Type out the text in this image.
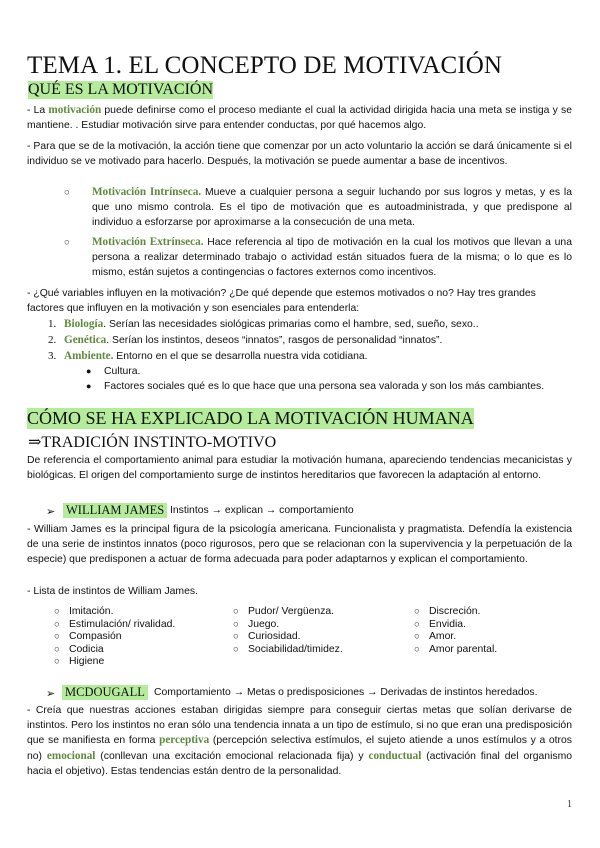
TEMA 1. EL CONCEPTO DE MOTIVACIÓN
QUÉ ES LA MOTIVACIÓN
- La motivación puede definirse como el proceso mediante el cual la actividad dirigida hacia una meta se instiga y se mantiene. . Estudiar motivación sirve para entender conductas, por qué hacemos algo.
- Para que se de la motivación, la acción tiene que comenzar por un acto voluntario la acción se dará únicamente si el individuo se ve motivado para hacerlo. Después, la motivación se puede aumentar a base de incentivos.
○ Motivación Intrínseca. Mueve a cualquier persona a seguir luchando por sus logros y metas, y es la que uno mismo controla. Es el tipo de motivación que es autoadministrada, y que predispone al individuo a esforzarse por aproximarse a la consecución de una meta.
○ Motivación Extrínseca. Hace referencia al tipo de motivación en la cual los motivos que llevan a una persona a realizar determinado trabajo o actividad están situados fuera de la misma; o lo que es lo mismo, están sujetos a contingencias o factores externos como incentivos.
- ¿Qué variables influyen en la motivación? ¿De qué depende que estemos motivados o no? Hay tres grandes factores que influyen en la motivación y son esenciales para entenderla:
1. Biología. Serían las necesidades siológicas primarias como el hambre, sed, sueño, sexo..
2. Genética. Serían los instintos, deseos “innatos”, rasgos de personalidad “innatos”.
3. Ambiente. Entorno en el que se desarrolla nuestra vida cotidiana.
● Cultura.
● Factores sociales qué es lo que hace que una persona sea valorada y son los más cambiantes.
CÓMO SE HA EXPLICADO LA MOTIVACIÓN HUMANA
⇒TRADICIÓN INSTINTO-MOTIVO
De referencia el comportamiento animal para estudiar la motivación humana, apareciendo tendencias mecanicistas y biológicas. El origen del comportamiento surge de instintos hereditarios que favorecen la adaptación al entorno.
➢ WILLIAM JAMES Instintos → explican → comportamiento
- William James es la principal figura de la psicología americana. Funcionalista y pragmatista. Defendía la existencia de una serie de instintos innatos (poco rigurosos, pero que se relacionan con la supervivencia y la perpetuación de la especie) que predisponen a actuar de forma adecuada para poder adaptarnos y explican el comportamiento.
- Lista de instintos de William James.
○ Imitación.
○ Estimulación/ rivalidad.
○ Compasión
○ Codicia
○ Higiene
○ Pudor/ Vergüenza.
○ Juego.
○ Curiosidad.
○ Sociabilidad/timidez.
○ Discreción.
○ Envidia.
○ Amor.
○ Amor parental.
➢ MCDOUGALL Comportamiento → Metas o predisposiciones → Derivadas de instintos heredados.
- Creía que nuestras acciones estaban dirigidas siempre para conseguir ciertas metas que solían derivarse de instintos. Pero los instintos no eran sólo una tendencia innata a un tipo de estímulo, si no que eran una predisposición que se manifiesta en forma perceptiva (percepción selectiva estímulos, el sujeto atiende a unos estímulos y a otros no) emocional (conllevan una excitación emocional relacionada fija) y conductual (activación final del organismo hacia el objetivo). Estas tendencias están dentro de la personalidad.
1
